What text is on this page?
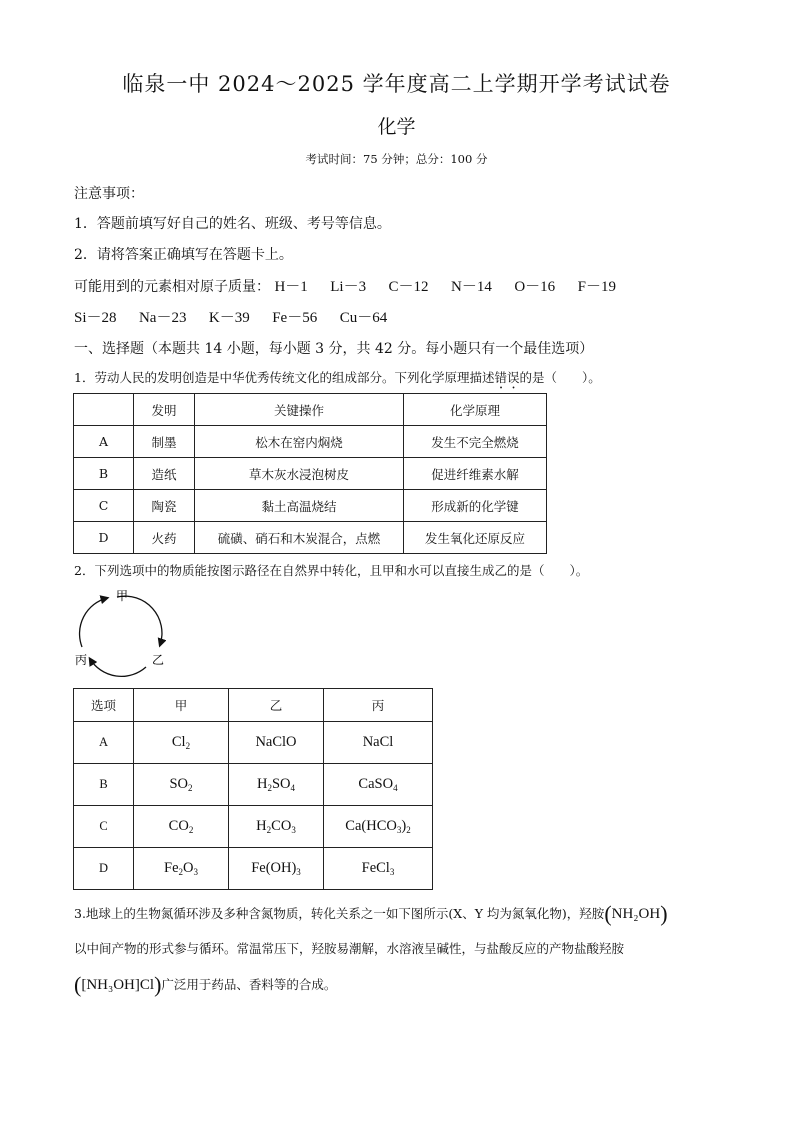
临泉一中 2024～2025 学年度高二上学期开学考试试卷
化学
考试时间：75 分钟；总分：100 分
注意事项：
1．答题前填写好自己的姓名、班级、考号等信息。
2．请将答案正确填写在答题卡上。
可能用到的元素相对原子质量： H－1 Li－3 C－12 N－14 O－16 F－19
Si－28 Na－23 K－39 Fe－56 Cu－64
一、选择题（本题共 14 小题，每小题 3 分，共 42 分。每小题只有一个最佳选项）
1．劳动人民的发明创造是中华优秀传统文化的组成部分。下列化学原理描述错误的是（　　）。
	发明	关键操作	化学原理
A	制墨	松木在窑内焖烧	发生不完全燃烧
B	造纸	草木灰水浸泡树皮	促进纤维素水解
C	陶瓷	黏土高温烧结	形成新的化学键
D	火药	硫磺、硝石和木炭混合，点燃	发生氧化还原反应
2．下列选项中的物质能按图示路径在自然界中转化，且甲和水可以直接生成乙的是（　　）。
甲
乙
丙
选项	甲	乙	丙
A	$Cl_2$	NaClO	NaCl
B	$SO_2$	$H_2SO_4$	CaSO$_4$
C	$CO_2$	$H_2CO_3$	$Ca(HCO_3)_2$
D	$Fe_2O_3$	$Fe(OH)_3$	FeCl$_3$
3.地球上的生物氮循环涉及多种含氮物质，转化关系之一如下图所示(X、Y 均为氮氧化物)，羟胺(NH₂OH)
以中间产物的形式参与循环。常温常压下，羟胺易潮解，水溶液呈碱性，与盐酸反应的产物盐酸羟胺
([NH₃OH]Cl)广泛用于药品、香料等的合成。
